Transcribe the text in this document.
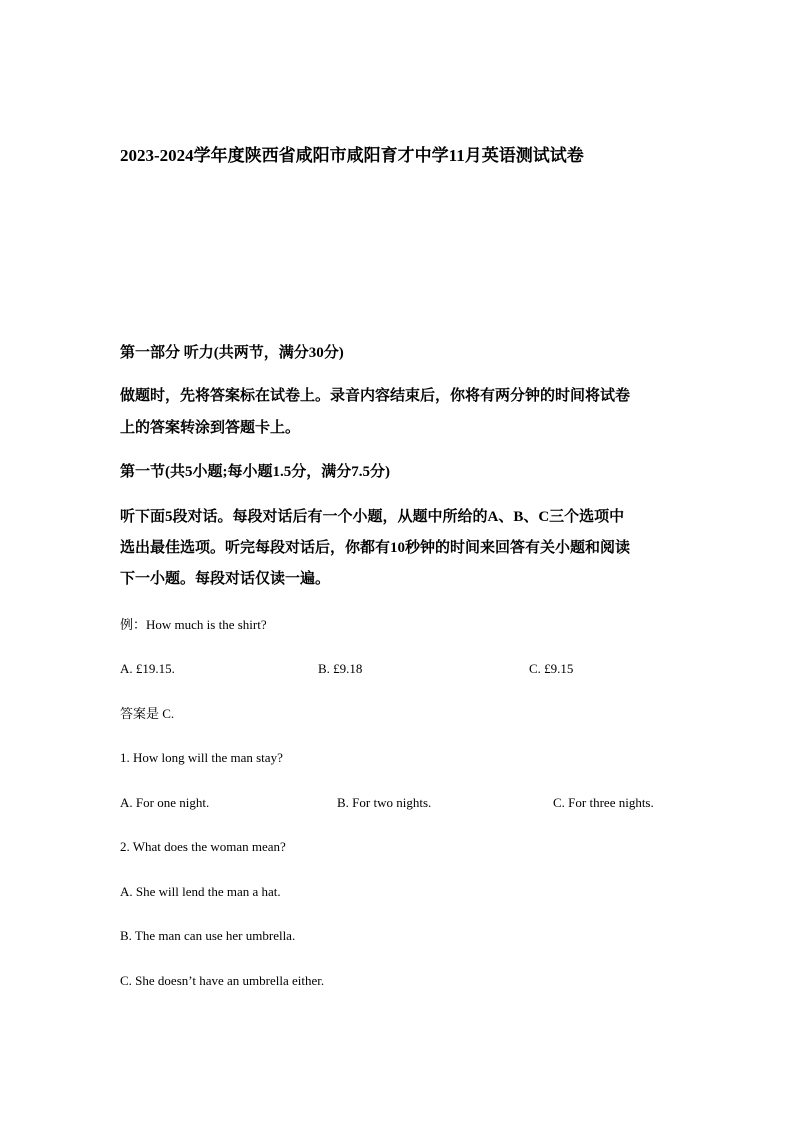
2023-2024学年度陕西省咸阳市咸阳育才中学11月英语测试试卷
第一部分 听力(共两节，满分30分)
做题时，先将答案标在试卷上。录音内容结束后，你将有两分钟的时间将试卷
上的答案转涂到答题卡上。
第一节(共5小题;每小题1.5分，满分7.5分)
听下面5段对话。每段对话后有一个小题，从题中所给的A、B、C三个选项中
选出最佳选项。听完每段对话后，你都有10秒钟的时间来回答有关小题和阅读
下一小题。每段对话仅读一遍。
例：How much is the shirt?
A. £19.15.	B. £9.18	C. £9.15
答案是 C.
1. How long will the man stay?
A. For one night.	B. For two nights.	C. For three nights.
2. What does the woman mean?
A. She will lend the man a hat.
B. The man can use her umbrella.
C. She doesn’t have an umbrella either.
